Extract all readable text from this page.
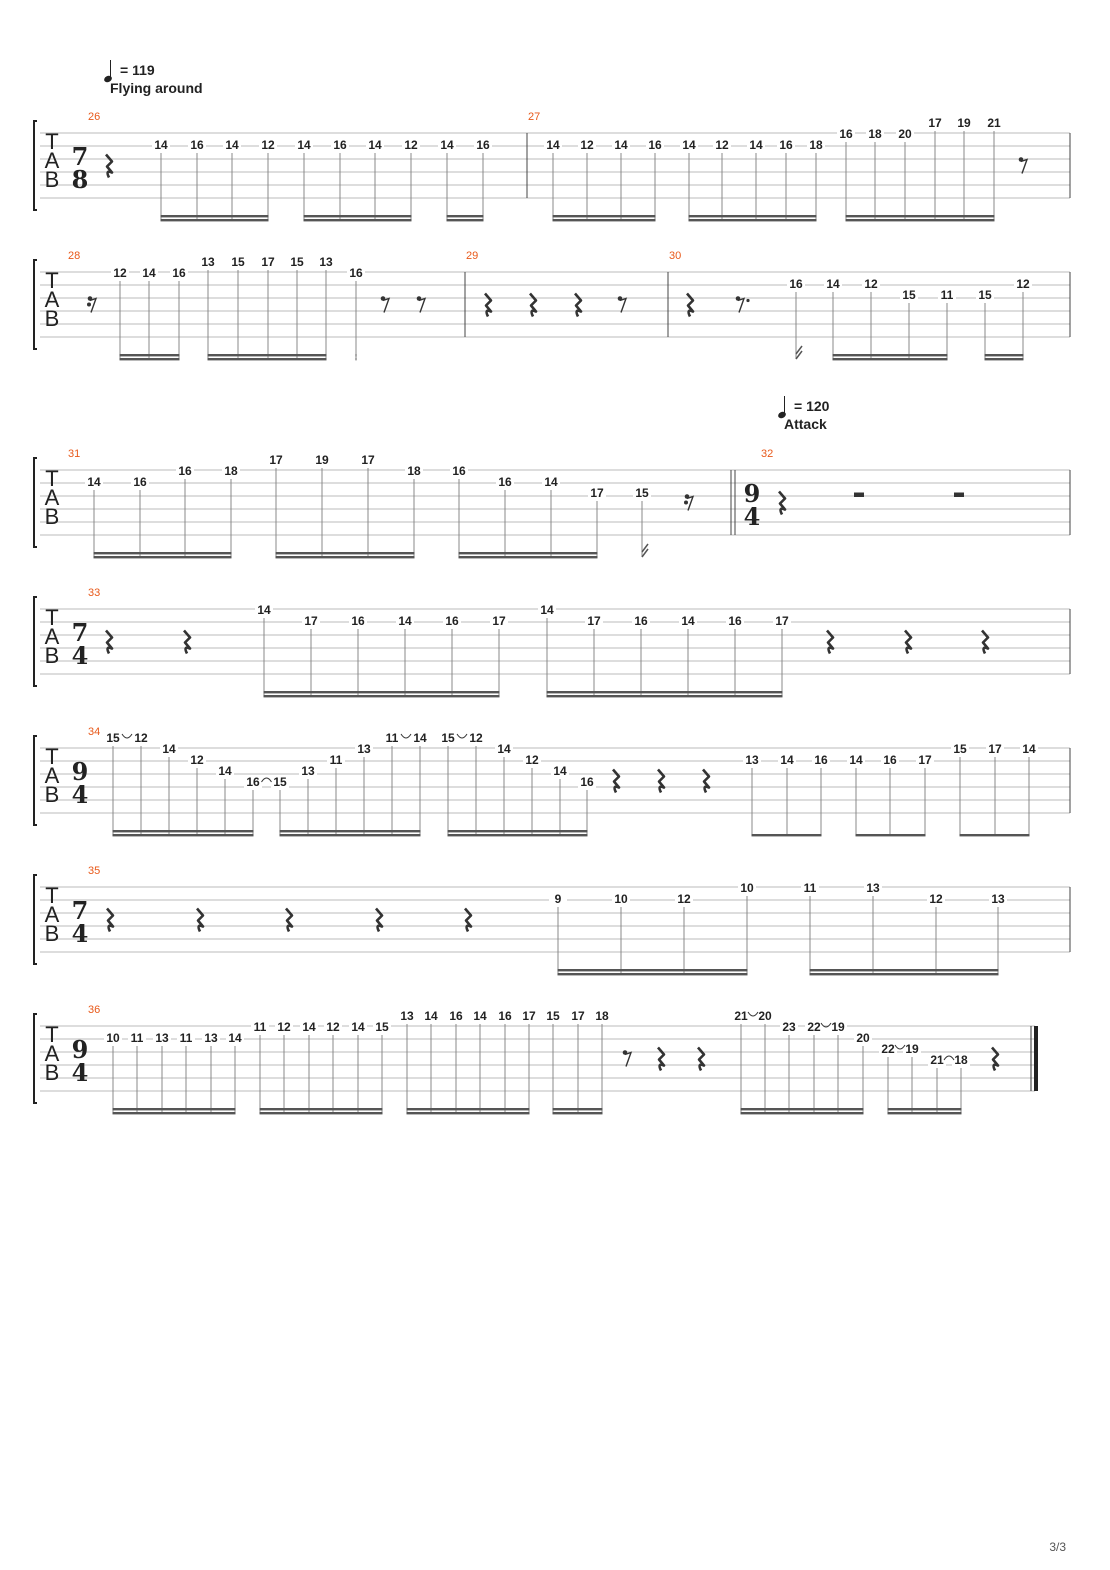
= 119
Flying around
= 120
Attack
T
A
B
26
7
8
14 16 14 12 14 16 14 12 14 16
27
14 12 14 16 14 12 14 16 18
16 18 20
17 19 21
T
A
B
28
12 14 16
13 15 17 15 13
16
29	30
16 14 12
15 11 15
12
T
A
B
31
14	16
16	18
17	19	17
18	16
16	14
17	15
32
9
4
T
A
B
33
7
4
14
17	16	14	16	17
14
17	16	14	16	17
T
A
B
34
9
4
15 12
14
12
14
16 15
13
11
13
11 14 15 12
14
12
14
16
13 14 16 14 16 17
15 17 14
T
A
B
35
7
4
9	10	12
10	11	13
12	13
T
A
B
36
9
4
10 11 13 11 13 14
11 12 14 12 14 15
13 14 16 14 16 17 15 17 18	21 20
23 22 19
20
22 19
21 18
3/3
